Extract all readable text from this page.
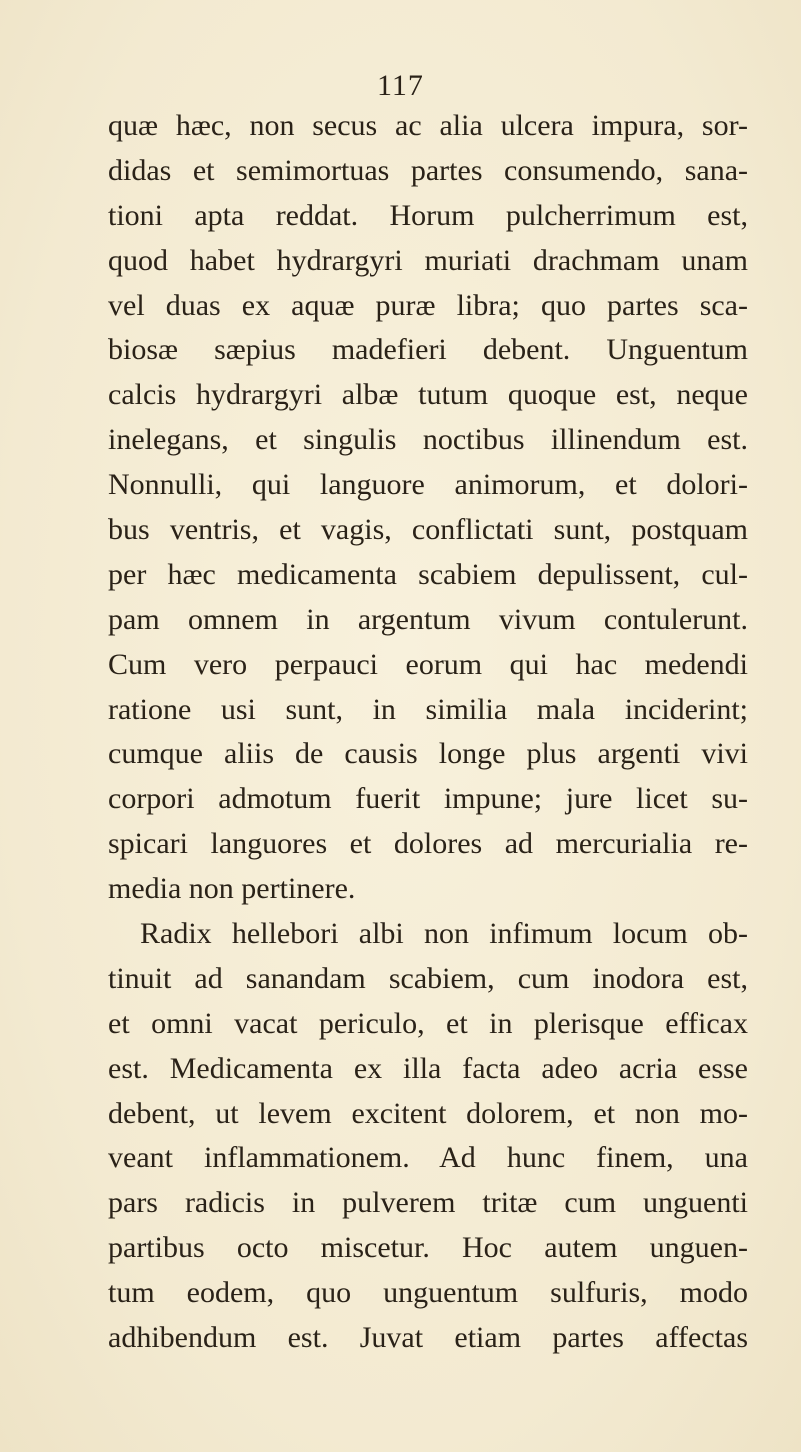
117
quæ hæc, non secus ac alia ulcera impura, sor-
didas et semimortuas partes consumendo, sana-
tioni apta reddat. Horum pulcherrimum est,
quod habet hydrargyri muriati drachmam unam
vel duas ex aquæ puræ libra; quo partes sca-
biosæ sæpius madefieri debent. Unguentum
calcis hydrargyri albæ tutum quoque est, neque
inelegans, et singulis noctibus illinendum est.
Nonnulli, qui languore animorum, et dolori-
bus ventris, et vagis, conflictati sunt, postquam
per hæc medicamenta scabiem depulissent, cul-
pam omnem in argentum vivum contulerunt.
Cum vero perpauci eorum qui hac medendi
ratione usi sunt, in similia mala inciderint;
cumque aliis de causis longe plus argenti vivi
corpori admotum fuerit impune; jure licet su-
spicari languores et dolores ad mercurialia re-
media non pertinere.
Radix hellebori albi non infimum locum ob-
tinuit ad sanandam scabiem, cum inodora est,
et omni vacat periculo, et in plerisque efficax
est. Medicamenta ex illa facta adeo acria esse
debent, ut levem excitent dolorem, et non mo-
veant inflammationem. Ad hunc finem, una
pars radicis in pulverem tritæ cum unguenti
partibus octo miscetur. Hoc autem unguen-
tum eodem, quo unguentum sulfuris, modo
adhibendum est. Juvat etiam partes affectas
